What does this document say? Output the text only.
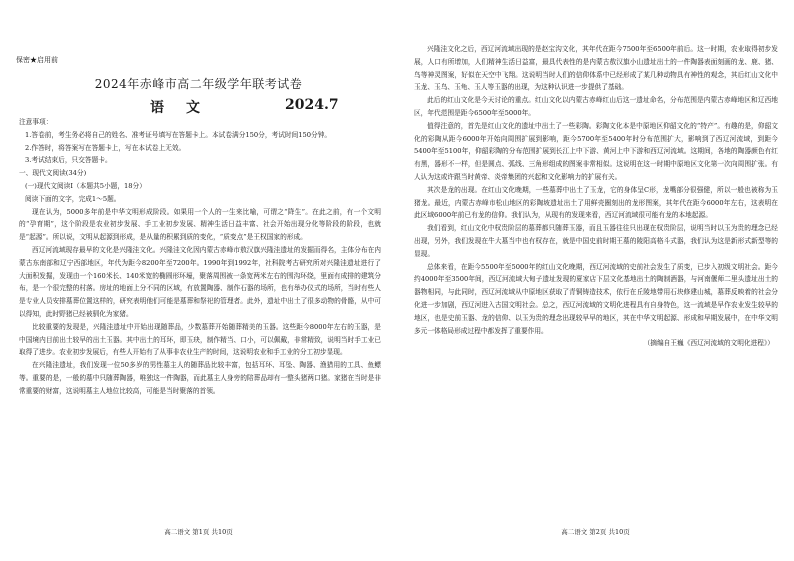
保密★启用前
2024年赤峰市高二年级学年联考试卷
语文	2024.7

注意事项：

1.答卷前，考生务必将自己的姓名、准考证号填写在答题卡上。本试卷满分150分，考试时间150分钟。

2.作答时，将答案写在答题卡上，写在本试卷上无效。

3.考试结束后，只交答题卡。

一、现代文阅读(34分)

(一)现代文阅读Ⅰ（本题共5小题，18分）

阅读下面的文字，完成1～5题。

现在认为，5000多年前是中华文明形成阶段。如果用一个人的一生来比喻，可谓之“降生”。在此之前，有一个文明的“孕育期”，这个阶段是农业初步发展、手工业初步发展、精神生活日益丰富、社会开始出现分化等阶段的阶段，也就是“起源”。所以说，文明从起源到形成，是从量的积累到质的变化，“质变点”是王权国家的形成。

西辽河流域现存最早的文化是兴隆洼文化。兴隆洼文化因内蒙古赤峰市敖汉旗兴隆洼遗址的发掘而得名，主体分布在内蒙古东南部和辽宁西部地区，年代为距今8200年至7200年。1990年到1992年，社科院考古研究所对兴隆洼遗址进行了大面积发掘，发现由一个160米长、140米宽的椭圆形环壕，聚落周围被一条宽两米左右的围沟环绕，里面有成排的建筑分布，是一个很完整的村落。房址的地面上分不同的区域，有放置陶器、制作石器的场所，也有举办仪式的场所，当时有些人是专业人员安排墓葬位置这样的，研究表明他们可能是墓葬和祭祀的管理者。此外，遗址中出土了很多动物的骨骼，从中可以得知，此时野猪已经被驯化为家猪。

比较重要的发现是，兴隆洼遗址中开始出现随葬品，少数墓葬开始随葬精美的玉器。这些距今8000年左右的玉器，是中国境内目前出土较早的出土玉器。其中出土的耳环，即玉玦，制作精当、口小，可以佩戴，非常精致，说明当时手工业已取得了进步。农业初步发展后，有些人开始有了从事非农业生产的时间，这说明农业和手工业的分工初步显现。

在兴隆洼遗址，我们发现一位50多岁的男性墓主人的随葬品比较丰富，包括耳环、耳坠、陶器、渔猎用的工具、鱼鳔等。重要的是，一般的墓中只随葬陶器，唯独这一件陶器，而此墓主人身旁的陪葬品却有一整头猪两口猪。家猪在当时是非常重要的财富，这说明墓主人地位比较高，可能是当时聚落的首领。

高二语文 第1页 共10页

兴隆洼文化之后，西辽河流域出现的是赵宝沟文化，其年代在距今7500年至6500年前后。这一时期，农业取得初步发展，人口有所增加，人们精神生活日益富，最具代表性的是内蒙古敖汉旗小山遗址出土的一件陶器表面刻画的龙、鹿、猪、鸟等神灵图案，好似在天空中飞翔。这说明当时人们的信仰体系中已经形成了某几种动物具有神性的观念，其后红山文化中玉龙、玉鸟、玉龟、玉人等玉器的出现，为这种认识进一步提供了基础。

此后的红山文化是今天讨论的重点。红山文化以内蒙古赤峰红山后这一遗址命名，分布范围是内蒙古赤峰地区和辽西地区，年代范围是距今6500年至5000年。

值得注意的，首先是红山文化的遗址中出土了一些彩陶。彩陶文化本是中原地区仰韶文化的“特产”。有趣的是，仰韶文化的彩陶从距今6000年开始向周围扩展到影响，距今5700年至5400年时分布范围扩大，影响到了西辽河流域，到距今5400年至5100年，仰韶彩陶的分布范围扩展到长江上中下游、黄河上中下游和西辽河流域。这期间，各地的陶器颜色有红有黑，器形不一样，但是圆点、弧线、三角形组成的图案非常相似。这说明在这一时期中原地区文化第一次向周围扩张。有人认为这或许跟当时黄帝、炎帝集团的兴起和文化影响力的扩展有关。

其次是龙的出现。在红山文化晚期，一些墓葬中出土了玉龙，它的身体呈C形，龙嘴部分很强健，所以一般也被称为玉猪龙。最近，内蒙古赤峰市松山地区的彩陶坡遗址出土了用鲜壳圈刻出的龙形图案，其年代在距今6000年左右，这表明在此区域6000年前已有龙的信仰。我们认为，从现有的发现来看，西辽河流域很可能有龙的本地起源。

我们看到，红山文化中权贵阶层的墓葬都只随葬玉器，而且玉器往往只出现在权贵阶层，说明当时以玉为贵的理念已经出现，另外，我们发现在牛大墓当中也有权存在，就是中国史前时期王墓的陵阳高格斗式器，我们认为这是新形式新型等的显现。

总体来看，在距今5500年至5000年的红山文化晚期，西辽河流域的史前社会发生了质变，已步入初级文明社会。距今约4000年至3500年间，西辽河流域大甸子遗址发现的夏家店下层文化基地出土的陶制酒器，与河南偃师二里头遗址出土的器物相同，与此同时，西辽河流域从中原地区获取了青铜铸造技术，依行在丘陵地带用石块修建山城，墓葬反映着的社会分化进一步加剧，西辽河进入古国文明社会。总之，西辽河流域的文明化进程具有自身特色，这一流域是早作农业发生较早的地区，也是史前玉器、龙的信仰、以玉为贵的理念出现较早早的地区，其在中华文明起源、形成和早期发展中，在中华文明多元一体格局形成过程中都发挥了重要作用。

（摘编自王巍《西辽河流域的文明化进程》）

高二语文 第2页 共10页
